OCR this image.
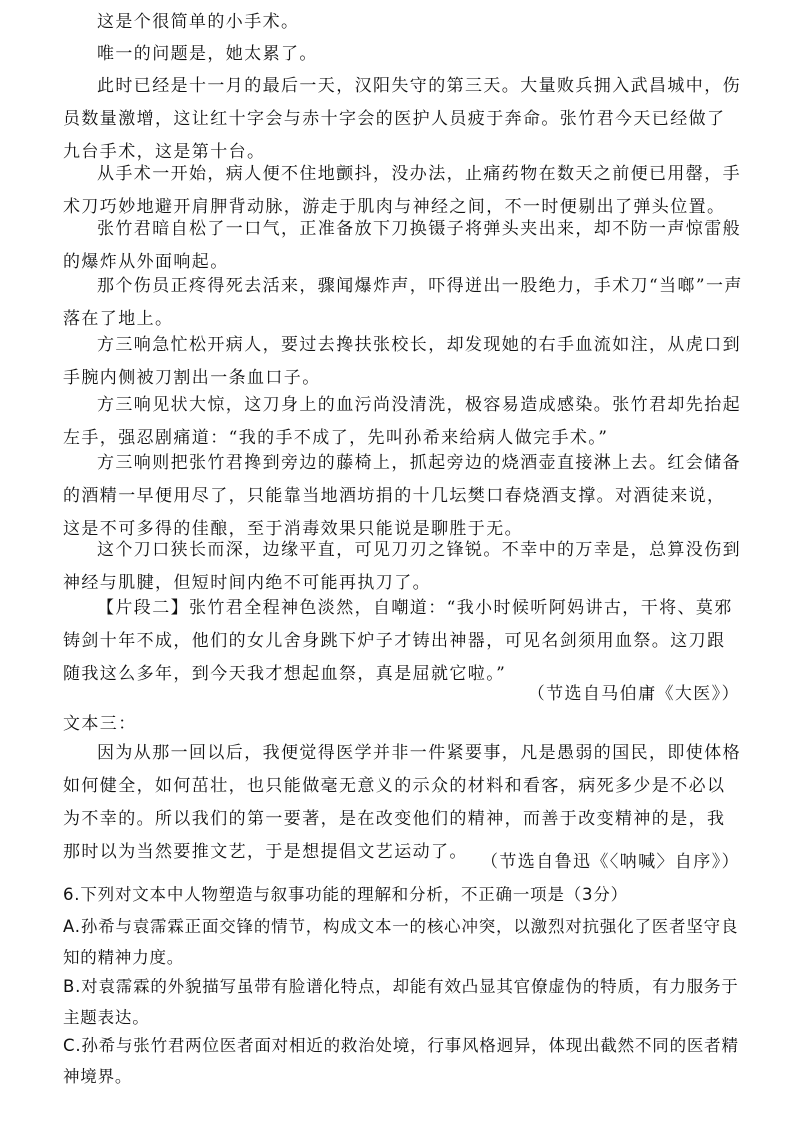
这是个很简单的小手术。

唯一的问题是，她太累了。

此时已经是十一月的最后一天，汉阳失守的第三天。大量败兵拥入武昌城中，伤员数量激增，这让红十字会与赤十字会的医护人员疲于奔命。张竹君今天已经做了九台手术，这是第十台。

从手术一开始，病人便不住地颤抖，没办法，止痛药物在数天之前便已用罄，手术刀巧妙地避开肩胛背动脉，游走于肌肉与神经之间，不一时便剔出了弹头位置。

张竹君暗自松了一口气，正准备放下刀换镊子将弹头夹出来，却不防一声惊雷般的爆炸从外面响起。

那个伤员正疼得死去活来，骤闻爆炸声，吓得迸出一股绝力，手术刀“当啷”一声落在了地上。

方三响急忙松开病人，要过去搀扶张校长，却发现她的右手血流如注，从虎口到手腕内侧被刀割出一条血口子。

方三响见状大惊，这刀身上的血污尚没清洗，极容易造成感染。张竹君却先抬起左手，强忍剧痛道：“我的手不成了，先叫孙希来给病人做完手术。”

方三响则把张竹君搀到旁边的藤椅上，抓起旁边的烧酒壶直接淋上去。红会储备的酒精一早便用尽了，只能靠当地酒坊捐的十几坛樊口春烧酒支撑。对酒徒来说，这是不可多得的佳酿，至于消毒效果只能说是聊胜于无。

这个刀口狭长而深，边缘平直，可见刀刃之锋锐。不幸中的万幸是，总算没伤到神经与肌腱，但短时间内绝不可能再执刀了。

【片段二】张竹君全程神色淡然，自嘲道：“我小时候听阿妈讲古，干将、莫邪铸剑十年不成，他们的女儿舍身跳下炉子才铸出神器，可见名剑须用血祭。这刀跟随我这么多年，到今天我才想起血祭，真是屈就它啦。”

（节选自马伯庸《大医》）

文本三：

因为从那一回以后，我便觉得医学并非一件紧要事，凡是愚弱的国民，即使体格如何健全，如何茁壮，也只能做毫无意义的示众的材料和看客，病死多少是不必以为不幸的。所以我们的第一要著，是在改变他们的精神，而善于改变精神的是，我那时以为当然要推文艺，于是想提倡文艺运动了。 （节选自鲁迅《〈呐喊〉自序》）

6.下列对文本中人物塑造与叙事功能的理解和分析，不正确一项是（3分）

A.孙希与袁霈霖正面交锋的情节，构成文本一的核心冲突，以激烈对抗强化了医者坚守良知的精神力度。

B.对袁霈霖的外貌描写虽带有脸谱化特点，却能有效凸显其官僚虚伪的特质，有力服务于主题表达。

C.孙希与张竹君两位医者面对相近的救治处境，行事风格迥异，体现出截然不同的医者精神境界。
